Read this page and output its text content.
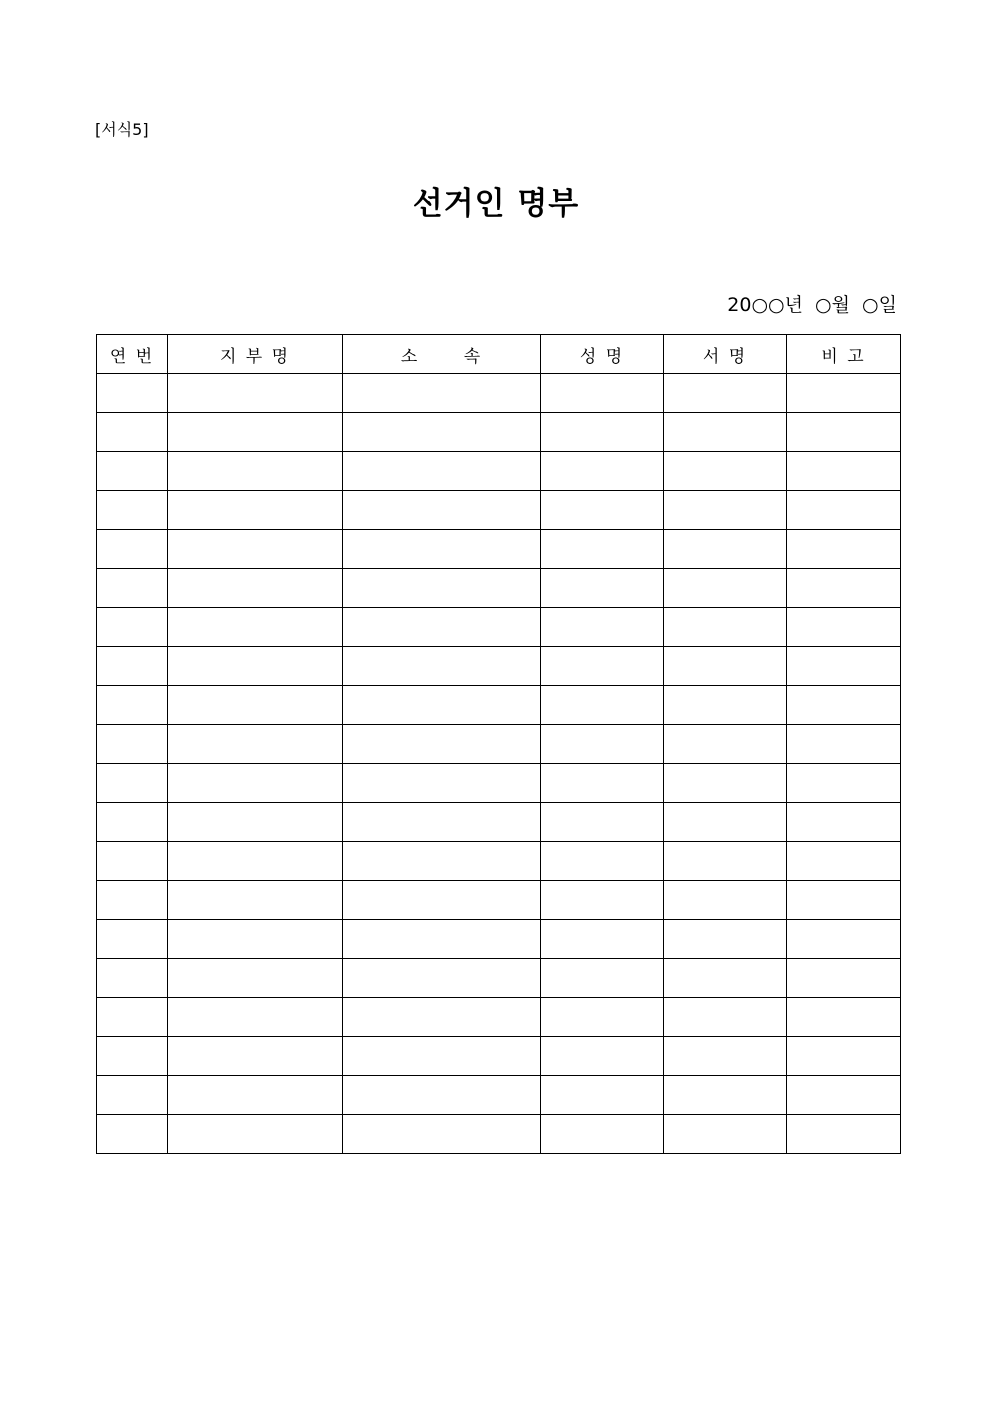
[서식5]
선거인 명부
20○○년  ○월  ○일
연 번	지 부 명	소      속	성 명	서 명	비 고
